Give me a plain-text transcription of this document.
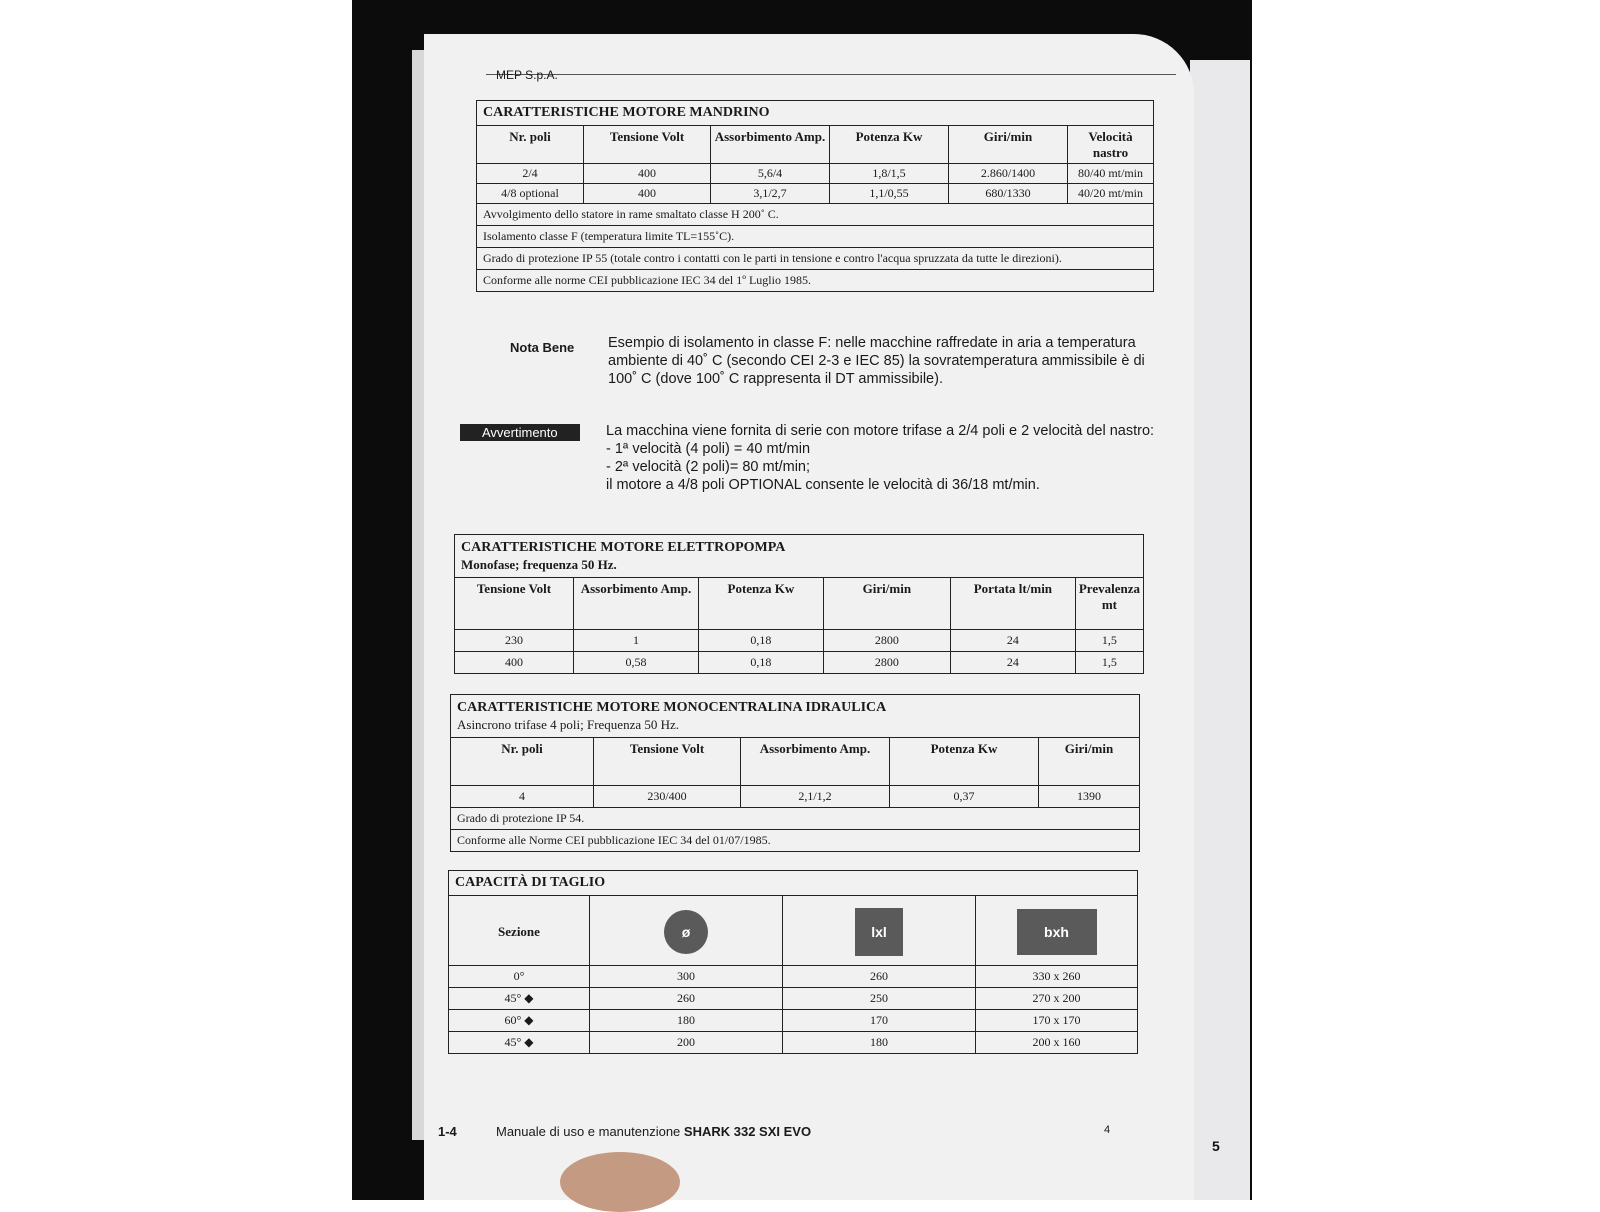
MEP S.p.A.
CARATTERISTICHE MOTORE MANDRINO					
Nr. poli	Tensione Volt	Assorbimento Amp.	Potenza Kw	Giri/min	Velocità nastro
2/4	400	5,6/4	1,8/1,5	2.860/1400	80/40 mt/min
4/8 optional	400	3,1/2,7	1,1/0,55	680/1330	40/20 mt/min
Avvolgimento dello statore in rame smaltato classe H 200˚ C.
Isolamento classe F (temperatura limite TL=155˚C).
Grado di protezione IP 55 (totale contro i contatti con le parti in tensione e contro l'acqua spruzzata da tutte le direzioni).
Conforme alle norme CEI pubblicazione IEC 34 del 1º Luglio 1985.
Nota Bene Esempio di isolamento in classe F: nelle macchine raffredate in aria a temperatura ambiente di 40˚ C (secondo CEI 2-3 e IEC 85) la sovratemperatura ammissibile è di 100˚ C (dove 100˚ C rappresenta il DT ammissibile).
Avvertimento	La macchina viene fornita di serie con motore trifase a 2/4 poli e 2 velocità del nastro:
- 1ª velocità (4 poli) = 40 mt/min
- 2ª velocità (2 poli)= 80 mt/min;
il motore a 4/8 poli OPTIONAL consente le velocità di 36/18 mt/min.
CARATTERISTICHE MOTORE ELETTROPOMPA
Monofase; frequenza 50 Hz.					

Tensione Volt	Assorbimento Amp.	Potenza Kw	Giri/min	Portata lt/min	Prevalenza mt
230	1	0,18	2800	24	1,5
400	0,58	0,18	2800	24	1,5
CARATTERISTICHE MOTORE MONOCENTRALINA IDRAULICA
Asincrono trifase 4 poli; Frequenza 50 Hz.				

Nr. poli	Tensione Volt	Assorbimento Amp.	Potenza Kw	Giri/min
4	230/400	2,1/1,2	0,37	1390
Grado di protezione IP 54.
Conforme alle Norme CEI pubblicazione IEC 34 del 01/07/1985.
CAPACITÀ DI TAGLIO			
Sezione	ø	lxl	bxh
0°	300	260	330 x 260
45° ◆	260	250	270 x 200
60° ◆	180	170	170 x 170
45° ◆	200	180	200 x 160
1-4	Manuale di uso e manutenzione SHARK 332 SXI EVO	4
5
